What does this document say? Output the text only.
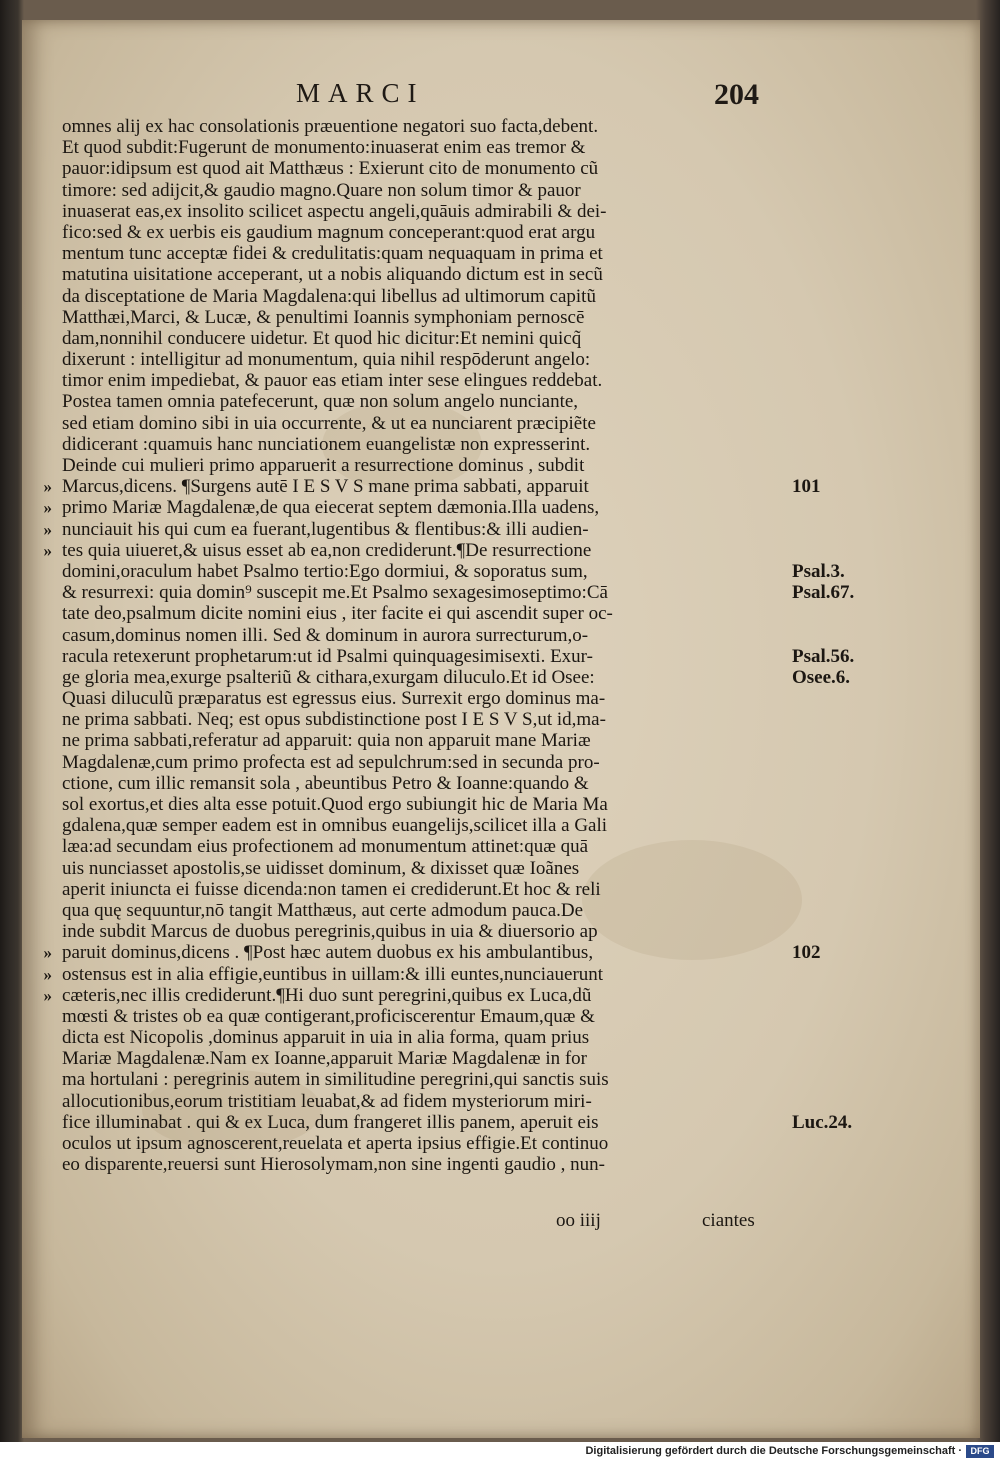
MARCI	204
omnes alij ex hac consolationis præuentione negatori suo facta,debent.
Et quod subdit:Fugerunt de monumento:inuaserat enim eas tremor &
pauor:idipsum est quod ait Matthæus : Exierunt cito de monumento cũ
timore: sed adijcit,& gaudio magno.Quare non solum timor & pauor
inuaserat eas,ex insolito scilicet aspectu angeli,quāuis admirabili & dei-
fico:sed & ex uerbis eis gaudium magnum conceperant:quod erat argu
mentum tunc acceptæ fidei & credulitatis:quam nequaquam in prima et
matutina uisitatione acceperant, ut a nobis aliquando dictum est in secũ
da disceptatione de Maria Magdalena:qui libellus ad ultimorum capitũ
Matthæi,Marci, & Lucæ, & penultimi Ioannis symphoniam pernoscē
dam,nonnihil conducere uidetur. Et quod hic dicitur:Et nemini quicq̃
dixerunt : intelligitur ad monumentum, quia nihil respōderunt angelo:
timor enim impediebat, & pauor eas etiam inter sese elingues reddebat.
Postea tamen omnia patefecerunt, quæ non solum angelo nunciante,
sed etiam domino sibi in uia occurrente, & ut ea nunciarent præcipiẽte
didicerant :quamuis hanc nunciationem euangelistæ non expresserint.
Deinde cui mulieri primo apparuerit a resurrectione dominus , subdit
» Marcus,dicens. ¶Surgens autē I E S V S mane prima sabbati, apparuit	101
» primo Mariæ Magdalenæ,de qua eiecerat septem dæmonia.Illa uadens,
» nunciauit his qui cum ea fuerant,lugentibus & flentibus:& illi audien-
» tes quia uiueret,& uisus esset ab ea,non crediderunt.¶De resurrectione
domini,oraculum habet Psalmo tertio:Ego dormiui, & soporatus sum,	Psal.3.
& resurrexi: quia domin⁹ suscepit me.Et Psalmo sexagesimoseptimo:Cā	Psal.67.
tate deo,psalmum dicite nomini eius , iter facite ei qui ascendit super oc-
casum,dominus nomen illi. Sed & dominum in aurora surrecturum,o-
racula retexerunt prophetarum:ut id Psalmi quinquagesimisexti. Exur-	Psal.56.
ge gloria mea,exurge psalteriũ & cithara,exurgam diluculo.Et id Osee:	Osee.6.
Quasi diluculũ præparatus est egressus eius. Surrexit ergo dominus ma-
ne prima sabbati. Neq; est opus subdistinctione post I E S V S,ut id,ma-
ne prima sabbati,referatur ad apparuit: quia non apparuit mane Mariæ
Magdalenæ,cum primo profecta est ad sepulchrum:sed in secunda pro-
ctione, cum illic remansit sola , abeuntibus Petro & Ioanne:quando &
sol exortus,et dies alta esse potuit.Quod ergo subiungit hic de Maria Ma
gdalena,quæ semper eadem est in omnibus euangelijs,scilicet illa a Gali
læa:ad secundam eius profectionem ad monumentum attinet:quæ quā
uis nunciasset apostolis,se uidisset dominum, & dixisset quæ Ioãnes
aperit iniuncta ei fuisse dicenda:non tamen ei crediderunt.Et hoc & reli
qua quę sequuntur,nō tangit Matthæus, aut certe admodum pauca.De
inde subdit Marcus de duobus peregrinis,quibus in uia & diuersorio ap
» paruit dominus,dicens . ¶Post hæc autem duobus ex his ambulantibus,	102
» ostensus est in alia effigie,euntibus in uillam:& illi euntes,nunciauerunt
» cæteris,nec illis crediderunt.¶Hi duo sunt peregrini,quibus ex Luca,dũ
mœsti & tristes ob ea quæ contigerant,proficiscerentur Emaum,quæ &
dicta est Nicopolis ,dominus apparuit in uia in alia forma, quam prius
Mariæ Magdalenæ.Nam ex Ioanne,apparuit Mariæ Magdalenæ in for
ma hortulani : peregrinis autem in similitudine peregrini,qui sanctis suis
allocutionibus,eorum tristitiam leuabat,& ad fidem mysteriorum miri-
fice illuminabat . qui & ex Luca, dum frangeret illis panem, aperuit eis	Luc.24.
oculos ut ipsum agnoscerent,reuelata et aperta ipsius effigie.Et continuo
eo disparente,reuersi sunt Hierosolymam,non sine ingenti gaudio , nun-
oo iiij	ciantes
Digitalisierung gefördert durch die Deutsche Forschungsgemeinschaft · DFG
